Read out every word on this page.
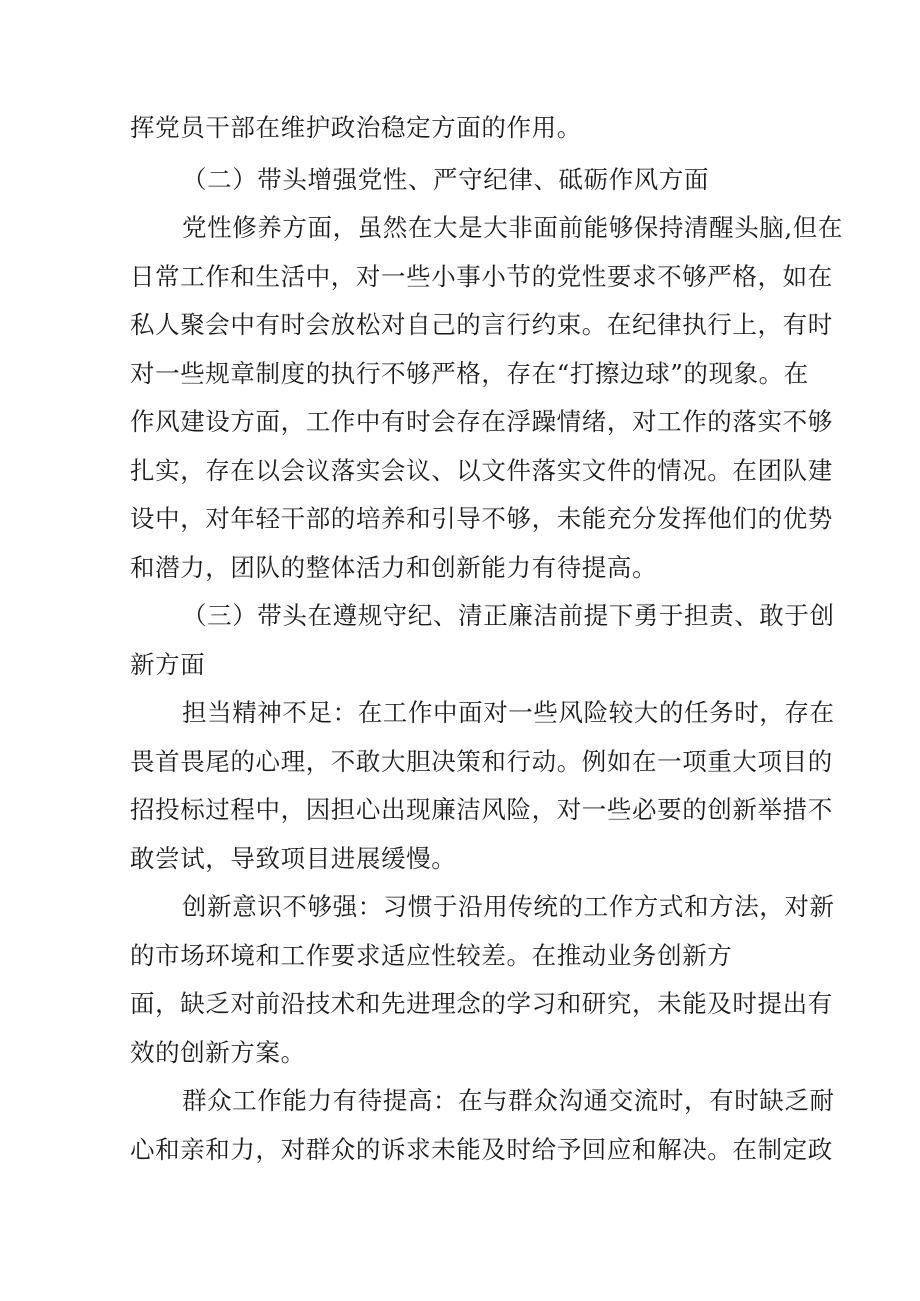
挥党员干部在维护政治稳定方面的作用。
（二）带头增强党性、严守纪律、砥砺作风方面
党性修养方面，虽然在大是大非面前能够保持清醒头脑,但在
日常工作和生活中，对一些小事小节的党性要求不够严格，如在
私人聚会中有时会放松对自己的言行约束。在纪律执行上，有时
对一些规章制度的执行不够严格，存在“打擦边球”的现象。在
作风建设方面，工作中有时会存在浮躁情绪，对工作的落实不够
扎实，存在以会议落实会议、以文件落实文件的情况。在团队建
设中，对年轻干部的培养和引导不够，未能充分发挥他们的优势
和潜力，团队的整体活力和创新能力有待提高。
（三）带头在遵规守纪、清正廉洁前提下勇于担责、敢于创
新方面
担当精神不足：在工作中面对一些风险较大的任务时，存在
畏首畏尾的心理，不敢大胆决策和行动。例如在一项重大项目的
招投标过程中，因担心出现廉洁风险，对一些必要的创新举措不
敢尝试，导致项目进展缓慢。
创新意识不够强：习惯于沿用传统的工作方式和方法，对新
的市场环境和工作要求适应性较差。在推动业务创新方
面，缺乏对前沿技术和先进理念的学习和研究，未能及时提出有
效的创新方案。
群众工作能力有待提高：在与群众沟通交流时，有时缺乏耐
心和亲和力，对群众的诉求未能及时给予回应和解决。在制定政
